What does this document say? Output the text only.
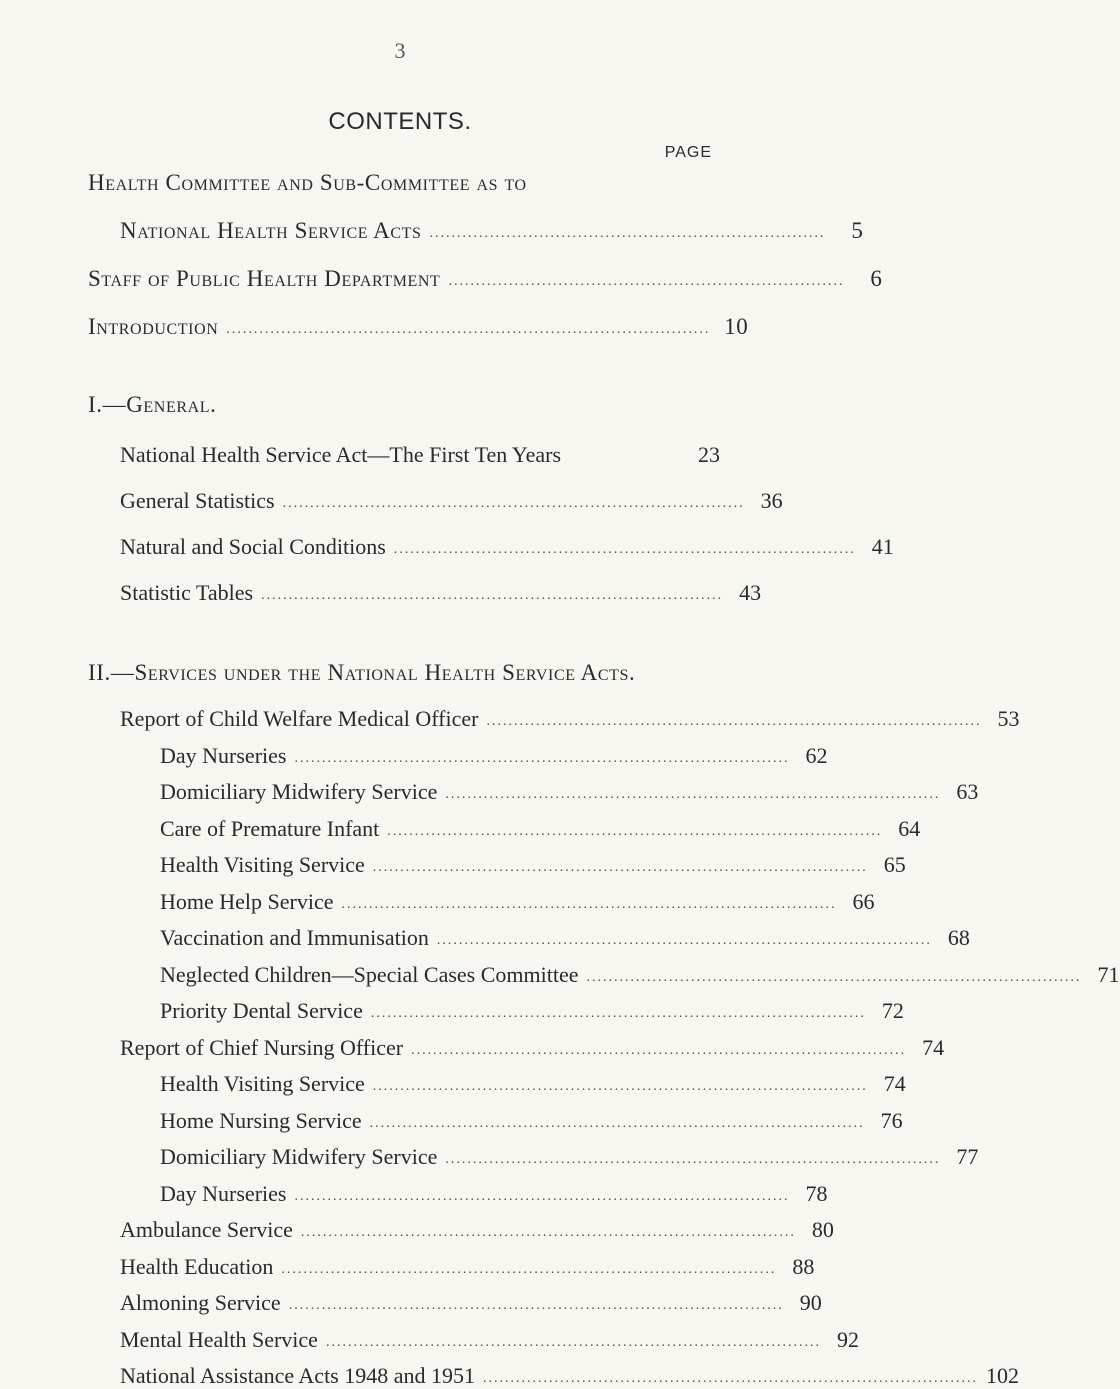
3
CONTENTS.
PAGE
Health Committee and Sub-Committee as to
National Health Service Acts ........................................................................	5
Staff of Public Health Department ........................................................................	6
Introduction ........................................................................................ 10
I.—General.
National Health Service Act—The First Ten Years	23
General Statistics .................................................................................... 36
Natural and Social Conditions .................................................................................... 41
Statistic Tables .................................................................................... 43
II.—Services under the National Health Service Acts.
Report of Child Welfare Medical Officer .......................................................................................... 53
Day Nurseries .......................................................................................... 62
Domiciliary Midwifery Service .......................................................................................... 63
Care of Premature Infant .......................................................................................... 64
Health Visiting Service .......................................................................................... 65
Home Help Service .......................................................................................... 66
Vaccination and Immunisation .......................................................................................... 68
Neglected Children—Special Cases Committee .......................................................................................... 71
Priority Dental Service .......................................................................................... 72
Report of Chief Nursing Officer .......................................................................................... 74
Health Visiting Service .......................................................................................... 74
Home Nursing Service .......................................................................................... 76
Domiciliary Midwifery Service .......................................................................................... 77
Day Nurseries .......................................................................................... 78
Ambulance Service .......................................................................................... 80
Health Education .......................................................................................... 88
Almoning Service .......................................................................................... 90
Mental Health Service .......................................................................................... 92
National Assistance Acts 1948 and 1951 .......................................................................................... 102
